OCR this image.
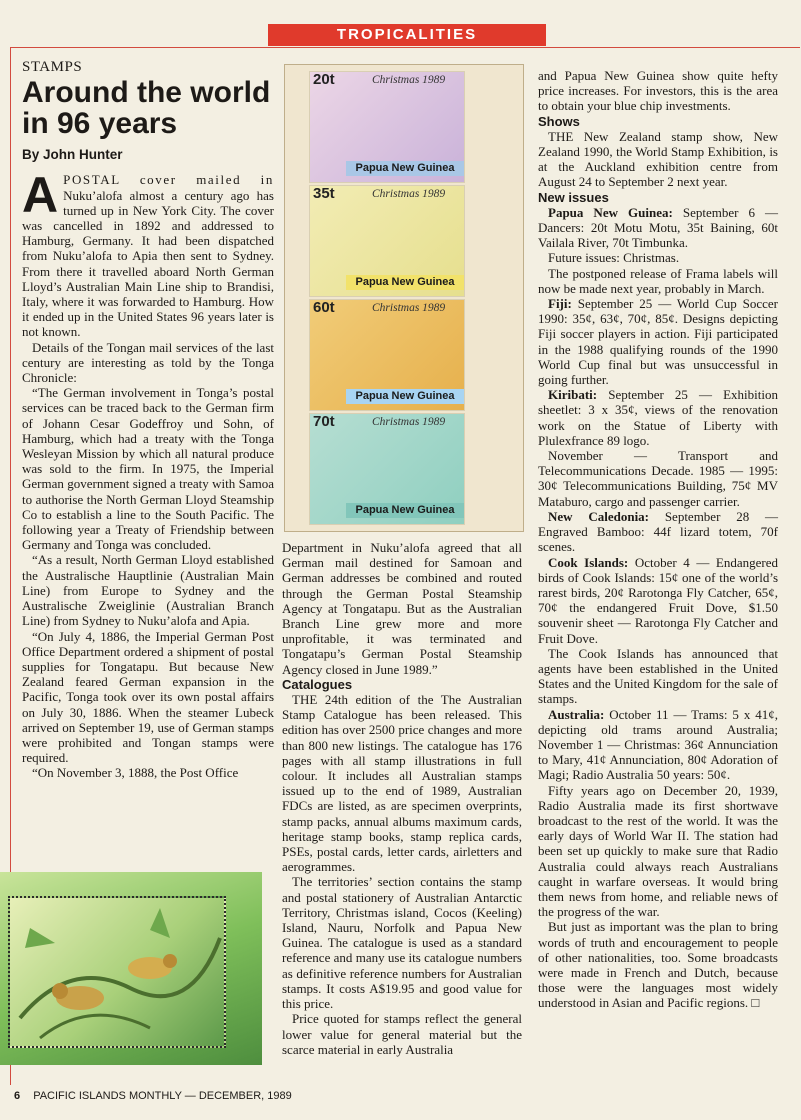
TROPICALITIES
STAMPS
Around the world in 96 years
By John Hunter

APOSTAL cover mailed in Nuku’alofa almost a century ago has turned up in New York City. The cover was cancelled in 1892 and addressed to Hamburg, Germany. It had been dispatched from Nuku’alofa to Apia then sent to Sydney. From there it travelled aboard North German Lloyd’s Australian Main Line ship to Brandisi, Italy, where it was forwarded to Hamburg. How it ended up in the United States 96 years later is not known.

Details of the Tongan mail services of the last century are interesting as told by the Tonga Chronicle:

“The German involvement in Tonga’s postal services can be traced back to the German firm of Johann Cesar Godeffroy und Sohn, of Hamburg, which had a treaty with the Tonga Wesleyan Mission by which all natural produce was sold to the firm. In 1975, the Imperial German government signed a treaty with Samoa to authorise the North German Lloyd Steamship Co to establish a line to the South Pacific. The following year a Treaty of Friendship between Germany and Tonga was concluded.

“As a result, North German Lloyd established the Australische Hauptlinie (Australian Main Line) from Europe to Sydney and the Australische Zweiglinie (Australian Branch Line) from Sydney to Nuku’alofa and Apia.

“On July 4, 1886, the Imperial German Post Office Department ordered a shipment of postal supplies for Tongatapu. But because New Zealand feared German expansion in the Pacific, Tonga took over its own postal affairs on July 30, 1886. When the steamer Lubeck arrived on September 19, use of German stamps were prohibited and Tongan stamps were required.

“On November 3, 1888, the Post Office

20t	Christmas 1989
Papua New Guinea
35t	Christmas 1989
Papua New Guinea
60t	Christmas 1989
Papua New Guinea
70t	Christmas 1989
Papua New Guinea

Department in Nuku’alofa agreed that all German mail destined for Samoan and German addresses be combined and routed through the German Postal Steamship Agency at Tongatapu. But as the Australian Branch Line grew more and more unprofitable, it was terminated and Tongatapu’s German Postal Steamship Agency closed in June 1989.”

Catalogues

THE 24th edition of the The Australian Stamp Catalogue has been released. This edition has over 2500 price changes and more than 800 new listings. The catalogue has 176 pages with all stamp illustrations in full colour. It includes all Australian stamps issued up to the end of 1989, Australian FDCs are listed, as are specimen overprints, stamp packs, annual albums maximum cards, heritage stamp books, stamp replica cards, PSEs, postal cards, letter cards, airletters and aerogrammes.

The territories’ section contains the stamp and postal stationery of Australian Antarctic Territory, Christmas island, Cocos (Keeling) Island, Nauru, Norfolk and Papua New Guinea. The catalogue is used as a standard reference and many use its catalogue numbers as definitive reference numbers for Australian stamps. It costs A$19.95 and good value for this price.

Price quoted for stamps reflect the general lower value for general material but the scarce material in early Australia

and Papua New Guinea show quite hefty price increases. For investors, this is the area to obtain your blue chip investments.

Shows

THE New Zealand stamp show, New Zealand 1990, the World Stamp Exhibition, is at the Auckland exhibition centre from August 24 to September 2 next year.

New issues

Papua New Guinea: September 6 — Dancers: 20t Motu Motu, 35t Baining, 60t Vailala River, 70t Timbunka.

Future issues: Christmas.

The postponed release of Frama labels will now be made next year, probably in March.

Fiji: September 25 — World Cup Soccer 1990: 35¢, 63¢, 70¢, 85¢. Designs depicting Fiji soccer players in action. Fiji participated in the 1988 qualifying rounds of the 1990 World Cup final but was unsuccessful in going further.

Kiribati: September 25 — Exhibition sheetlet: 3 x 35¢, views of the renovation work on the Statue of Liberty with Plulexfrance 89 logo.

November — Transport and Telecommunications Decade. 1985 — 1995: 30¢ Telecommunications Building, 75¢ MV Mataburo, cargo and passenger carrier.

New Caledonia: September 28 — Engraved Bamboo: 44f lizard totem, 70f scenes.

Cook Islands: October 4 — Endangered birds of Cook Islands: 15¢ one of the world’s rarest birds, 20¢ Rarotonga Fly Catcher, 65¢, 70¢ the endangered Fruit Dove, $1.50 souvenir sheet — Rarotonga Fly Catcher and Fruit Dove.

The Cook Islands has announced that agents have been established in the United States and the United Kingdom for the sale of stamps.

Australia: October 11 — Trams: 5 x 41¢, depicting old trams around Australia; November 1 — Christmas: 36¢ Annunciation to Mary, 41¢ Annunciation, 80¢ Adoration of Magi; Radio Australia 50 years: 50¢.

Fifty years ago on December 20, 1939, Radio Australia made its first shortwave broadcast to the rest of the world. It was the early days of World War II. The station had been set up quickly to make sure that Radio Australia could always reach Australians caught in warfare overseas. It would bring them news from home, and reliable news of the progress of the war.

But just as important was the plan to bring words of truth and encouragement to people of other nationalities, too. Some broadcasts were made in French and Dutch, because those were the languages most widely understood in Asian and Pacific regions. □

6 PACIFIC ISLANDS MONTHLY — DECEMBER, 1989
